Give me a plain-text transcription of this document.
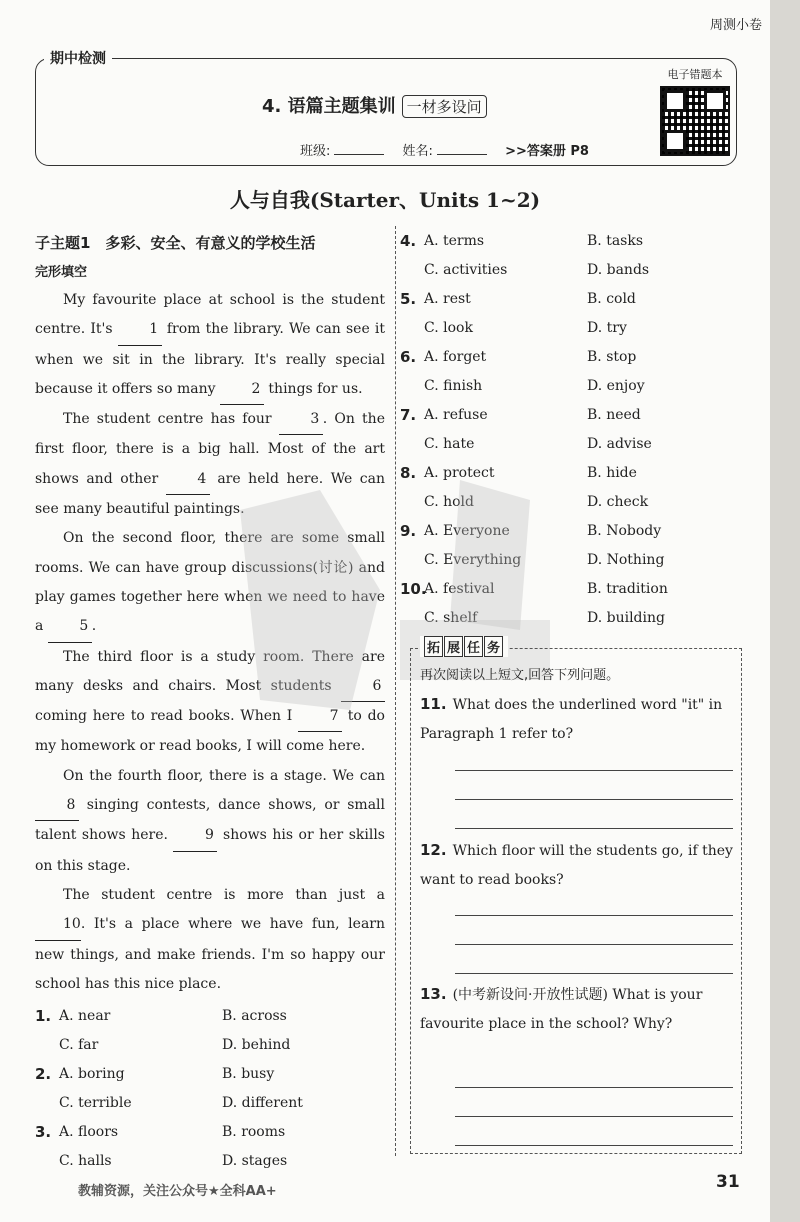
周测小卷
期中检测
4. 语篇主题集训 一材多设问
班级:	姓名:	>>答案册 P8
电子错题本
人与自我(Starter、Units 1~2)
子主题1　多彩、安全、有意义的学校生活
完形填空

My favourite place at school is the student centre. It's 1 from the library. We can see it when we sit in the library. It's really special because it offers so many 2 things for us.

The student centre has four 3 . On the first floor, there is a big hall. Most of the art shows and other 4 are held here. We can see many beautiful paintings.

On the second floor, there are some small rooms. We can have group discussions(讨论) and play games together here when we need to have a 5 .

The third floor is a study room. There are many desks and chairs. Most students 6 coming here to read books. When I 7 to do my homework or read books, I will come here.

On the fourth floor, there is a stage. We can 8 singing contests, dance shows, or small talent shows here. 9 shows his or her skills on this stage.

The student centre is more than just a 10. It's a place where we have fun, learn new things, and make friends. I'm so happy our school has this nice place.

1. A. near	B. across
C. far	D. behind
2. A. boring	B. busy
C. terrible	D. different
3. A. floors	B. rooms
C. halls	D. stages
4. A. terms	B. tasks
C. activities	D. bands
5. A. rest	B. cold
C. look	D. try
6. A. forget	B. stop
C. finish	D. enjoy
7. A. refuse	B. need
C. hate	D. advise
8. A. protect	B. hide
C. hold	D. check
9. A. Everyone	B. Nobody
C. Everything	D. Nothing
10.
A. festival	B. tradition
C. shelf	D. building
拓 展 任 务
再次阅读以上短文,回答下列问题。
11. What does the underlined word "it" in Paragraph 1 refer to?
12. Which floor will the students go, if they want to read books?
13. (中考新设问·开放性试题) What is your favourite place in the school? Why?
教辅资源，关注公众号★全科AA+	31
